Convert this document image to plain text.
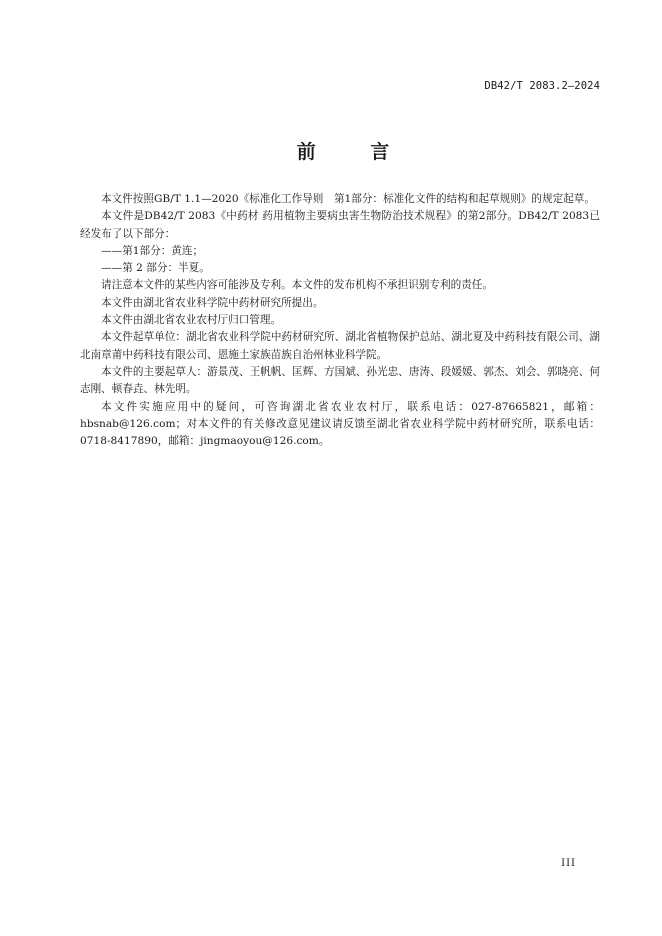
DB42/T 2083.2—2024
前 言

本文件按照GB/T 1.1—2020《标准化工作导则　第1部分：标准化文件的结构和起草规则》的规定起草。

本文件是DB42/T 2083《中药材 药用植物主要病虫害生物防治技术规程》的第2部分。DB42/T 2083已经发布了以下部分：

——第1部分：黄连；

——第 2 部分：半夏。

请注意本文件的某些内容可能涉及专利。本文件的发布机构不承担识别专利的责任。

本文件由湖北省农业科学院中药材研究所提出。

本文件由湖北省农业农村厅归口管理。

本文件起草单位：湖北省农业科学院中药材研究所、湖北省植物保护总站、湖北夏及中药科技有限公司、湖北南章莆中药科技有限公司、恩施土家族苗族自治州林业科学院。

本文件的主要起草人：游景茂、王帆帆、匡辉、方国斌、孙光忠、唐涛、段媛媛、郭杰、刘会、郭晓亮、何志刚、顿春垚、林先明。

本文件实施应用中的疑问，可咨询湖北省农业农村厅，联系电话：027-87665821，邮箱：hbsnab@126.com；对本文件的有关修改意见建议请反馈至湖北省农业科学院中药材研究所，联系电话：0718-8417890，邮箱：jingmaoyou@126.com。

III
